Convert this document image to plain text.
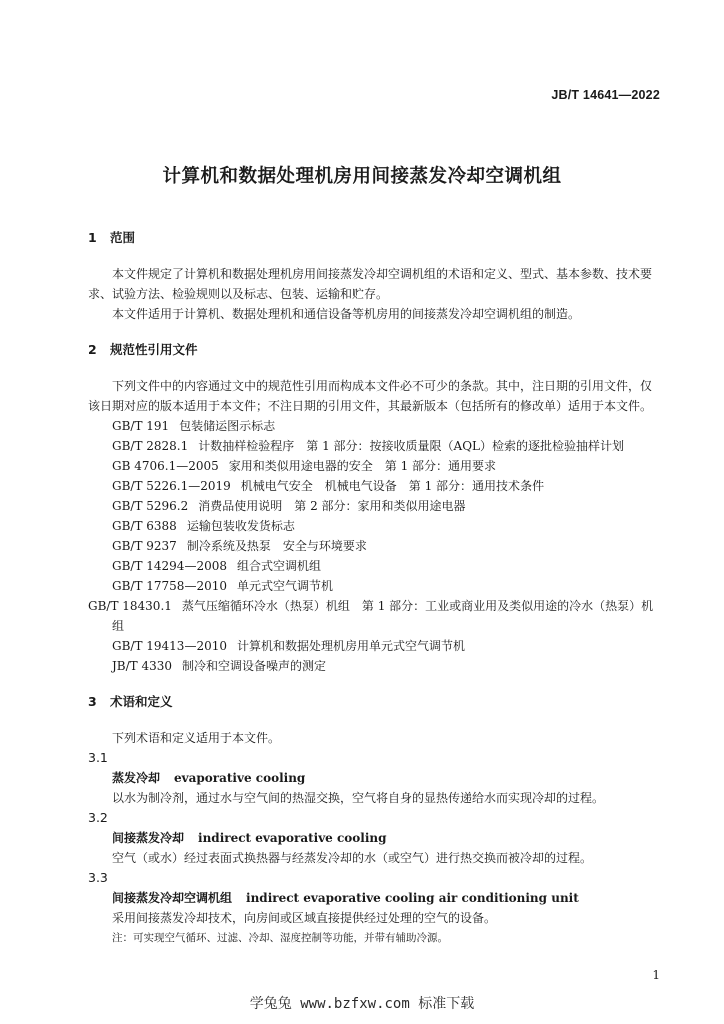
JB/T 14641—2022
计算机和数据处理机房用间接蒸发冷却空调机组
1 范围

本文件规定了计算机和数据处理机房用间接蒸发冷却空调机组的术语和定义、型式、基本参数、技术要求、试验方法、检验规则以及标志、包装、运输和贮存。

本文件适用于计算机、数据处理机和通信设备等机房用的间接蒸发冷却空调机组的制造。

2 规范性引用文件

下列文件中的内容通过文中的规范性引用而构成本文件必不可少的条款。其中，注日期的引用文件，仅该日期对应的版本适用于本文件；不注日期的引用文件，其最新版本（包括所有的修改单）适用于本文件。

GB/T 191 包装储运图示标志

GB/T 2828.1 计数抽样检验程序　第 1 部分：按接收质量限（AQL）检索的逐批检验抽样计划

GB 4706.1—2005 家用和类似用途电器的安全　第 1 部分：通用要求

GB/T 5226.1—2019 机械电气安全　机械电气设备　第 1 部分：通用技术条件

GB/T 5296.2 消费品使用说明　第 2 部分：家用和类似用途电器

GB/T 6388 运输包装收发货标志

GB/T 9237 制冷系统及热泵　安全与环境要求

GB/T 14294—2008 组合式空调机组

GB/T 17758—2010 单元式空气调节机

GB/T 18430.1 蒸气压缩循环冷水（热泵）机组　第 1 部分：工业或商业用及类似用途的冷水（热泵）机组

GB/T 19413—2010 计算机和数据处理机房用单元式空气调节机

JB/T 4330 制冷和空调设备噪声的测定

3 术语和定义

下列术语和定义适用于本文件。

3.1
蒸发冷却 evaporative cooling

以水为制冷剂，通过水与空气间的热湿交换，空气将自身的显热传递给水而实现冷却的过程。

3.2
间接蒸发冷却 indirect evaporative cooling

空气（或水）经过表面式换热器与经蒸发冷却的水（或空气）进行热交换而被冷却的过程。

3.3
间接蒸发冷却空调机组 indirect evaporative cooling air conditioning unit

采用间接蒸发冷却技术，向房间或区域直接提供经过处理的空气的设备。

注：可实现空气循环、过滤、冷却、湿度控制等功能，并带有辅助冷源。

1
学兔兔 www.bzfxw.com 标准下载
